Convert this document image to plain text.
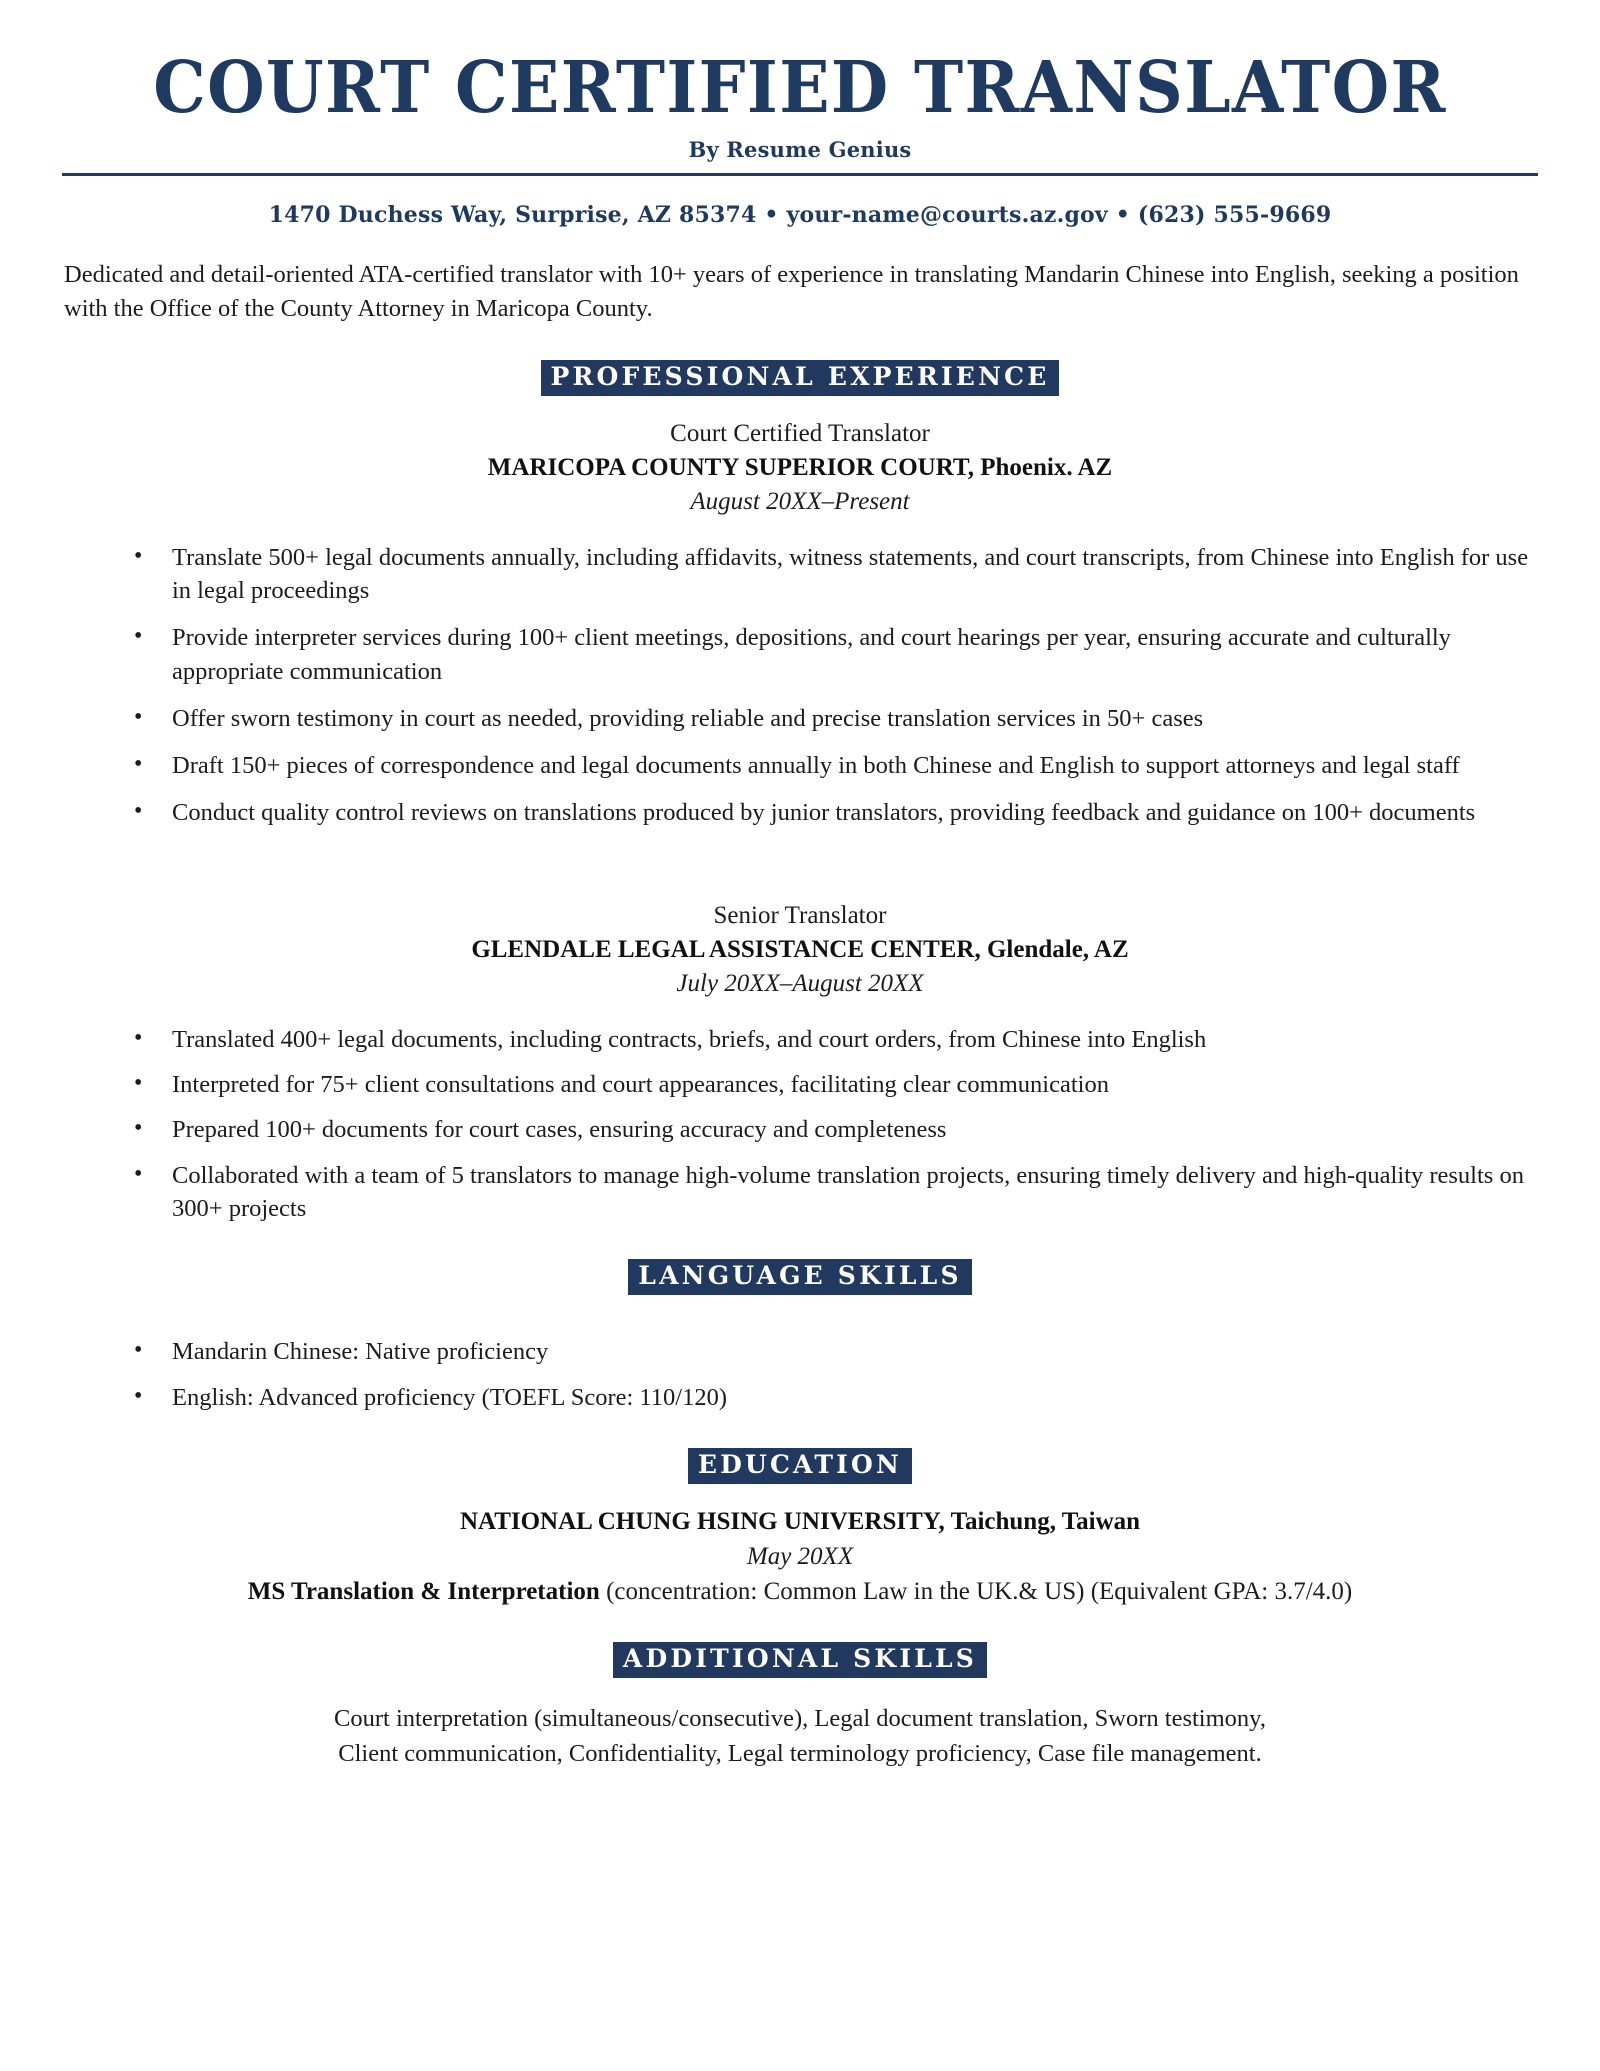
COURT CERTIFIED TRANSLATOR
By Resume Genius
1470 Duchess Way, Surprise, AZ 85374 • your-name@courts.az.gov • (623) 555-9669
Dedicated and detail-oriented ATA-certified translator with 10+ years of experience in translating Mandarin Chinese into English, seeking a position with the Office of the County Attorney in Maricopa County.
PROFESSIONAL EXPERIENCE
Court Certified Translator
MARICOPA COUNTY SUPERIOR COURT, Phoenix. AZ
August 20XX–Present
• Translate 500+ legal documents annually, including affidavits, witness statements, and court transcripts, from Chinese into English for use in legal proceedings
• Provide interpreter services during 100+ client meetings, depositions, and court hearings per year, ensuring accurate and culturally appropriate communication
• Offer sworn testimony in court as needed, providing reliable and precise translation services in 50+ cases
• Draft 150+ pieces of correspondence and legal documents annually in both Chinese and English to support attorneys and legal staff
• Conduct quality control reviews on translations produced by junior translators, providing feedback and guidance on 100+ documents
Senior Translator
GLENDALE LEGAL ASSISTANCE CENTER, Glendale, AZ
July 20XX–August 20XX
• Translated 400+ legal documents, including contracts, briefs, and court orders, from Chinese into English
• Interpreted for 75+ client consultations and court appearances, facilitating clear communication
• Prepared 100+ documents for court cases, ensuring accuracy and completeness
• Collaborated with a team of 5 translators to manage high-volume translation projects, ensuring timely delivery and high-quality results on 300+ projects
LANGUAGE SKILLS
• Mandarin Chinese: Native proficiency
• English: Advanced proficiency (TOEFL Score: 110/120)
EDUCATION
NATIONAL CHUNG HSING UNIVERSITY, Taichung, Taiwan
May 20XX
MS Translation & Interpretation (concentration: Common Law in the UK.& US) (Equivalent GPA: 3.7/4.0)
ADDITIONAL SKILLS
Court interpretation (simultaneous/consecutive), Legal document translation, Sworn testimony,
Client communication, Confidentiality, Legal terminology proficiency, Case file management.
